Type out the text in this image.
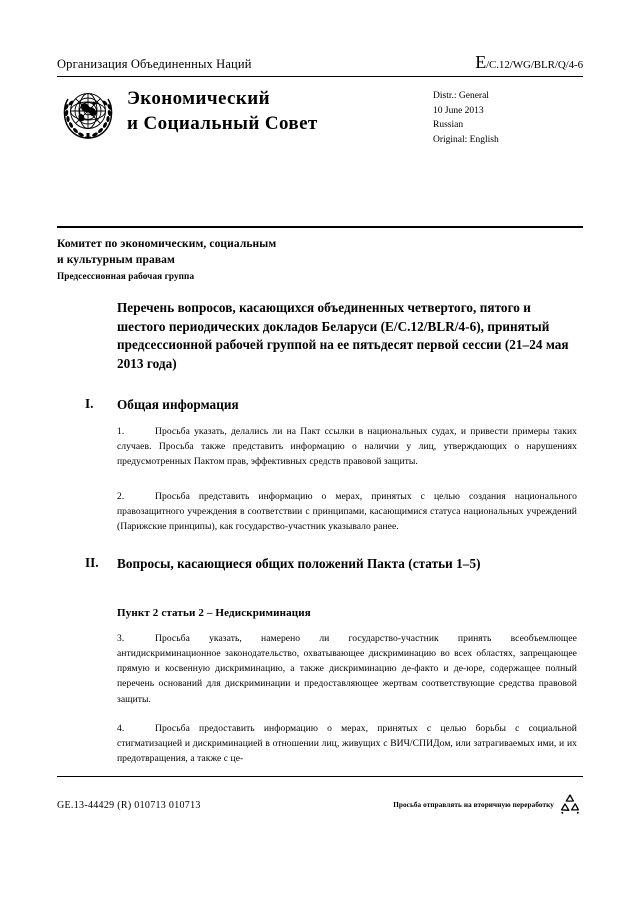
Организация Объединенных Наций	E/C.12/WG/BLR/Q/4-6
Экономический
и Социальный Совет
Distr.: General
10 June 2013
Russian
Original: English
Комитет по экономическим, социальным
и культурным правам
Предсессионная рабочая группа
Перечень вопросов, касающихся объединенных четвертого, пятого и шестого периодических докладов Беларуси (E/C.12/BLR/4-6), принятый предсессионной рабочей группой на ее пятьдесят первой сессии (21–24 мая 2013 года)
I.	Общая информация
1.	Просьба указать, делались ли на Пакт ссылки в национальных судах, и привести примеры таких случаев. Просьба также представить информацию о наличии у лиц, утверждающих о нарушениях предусмотренных Пактом прав, эффективных средств правовой защиты.
2.	Просьба представить информацию о мерах, принятых с целью создания национального правозащитного учреждения в соответствии с принципами, касающимися статуса национальных учреждений (Парижские принципы), как государство-участник указывало ранее.
II.	Вопросы, касающиеся общих положений Пакта (статьи 1–5)
Пункт 2 статьи 2 – Недискриминация
3.	Просьба указать, намерено ли государство-участник принять всеобъемлющее антидискриминационное законодательство, охватывающее дискриминацию во всех областях, запрещающее прямую и косвенную дискриминацию, а также дискриминацию де-факто и де-юре, содержащее полный перечень оснований для дискриминации и предоставляющее жертвам соответствующие средства правовой защиты.
4.	Просьба предоставить информацию о мерах, принятых с целью борьбы с социальной стигматизацией и дискриминацией в отношении лиц, живущих с ВИЧ/СПИДом, или затрагиваемых ими, и их предотвращения, а также с це-
GE.13-44429 (R) 010713 010713	Просьба отправлять на вторичную переработку
